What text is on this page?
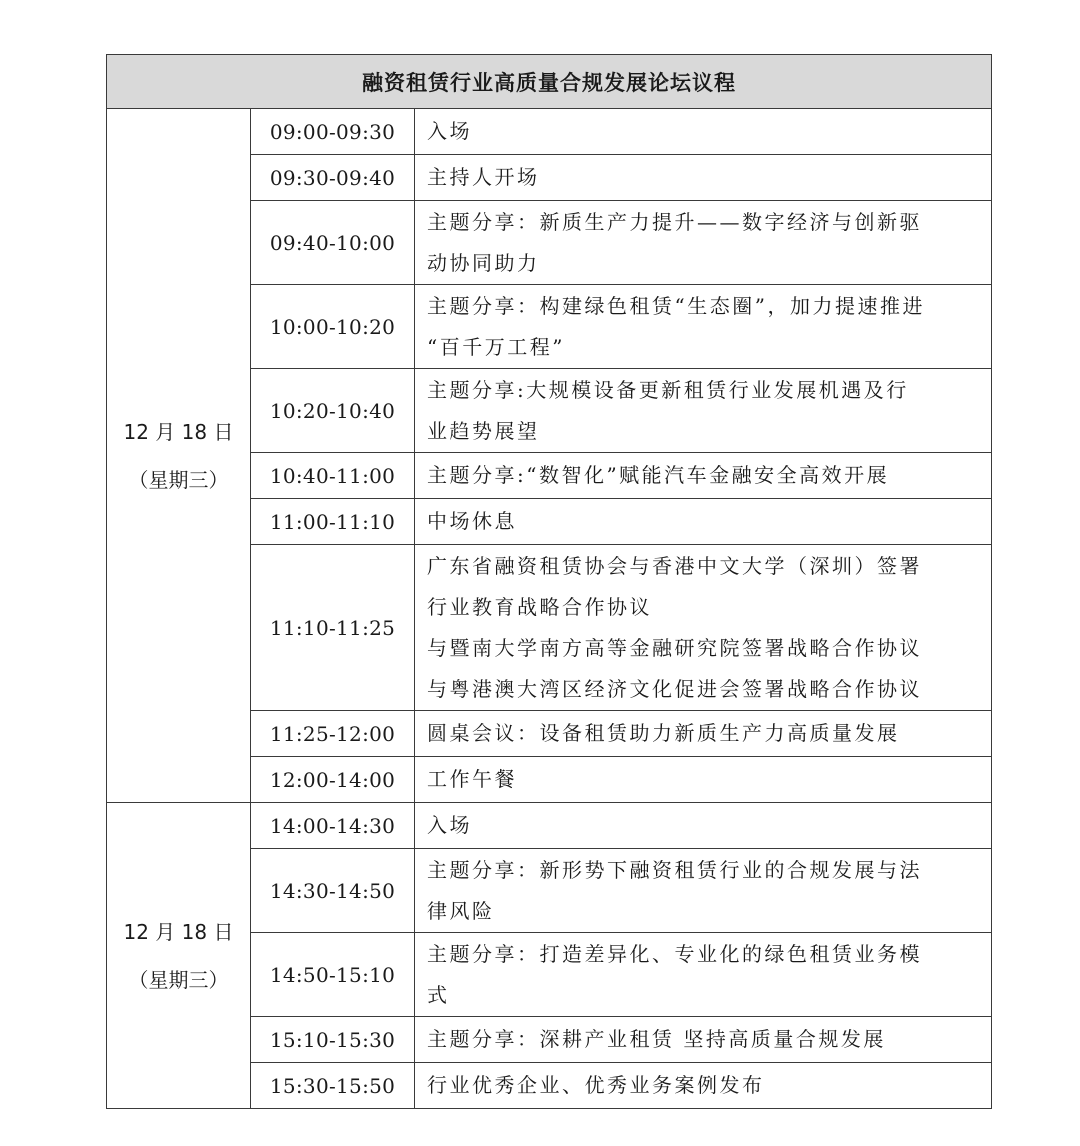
融资租赁行业高质量合规发展论坛议程		

12 月 18 日
（星期三）	09:00-09:30	入场

	09:30-09:40	主持人开场

	09:40-10:00	主题分享：新质生产力提升——数字经济与创新驱
动协同助力

	10:00-10:20	主题分享：构建绿色租赁“生态圈”，加力提速推进
“百千万工程”

	10:20-10:40	主题分享:大规模设备更新租赁行业发展机遇及行
业趋势展望

	10:40-11:00	主题分享:“数智化”赋能汽车金融安全高效开展

	11:00-11:10	中场休息

	11:10-11:25	广东省融资租赁协会与香港中文大学（深圳）签署
行业教育战略合作协议
与暨南大学南方高等金融研究院签署战略合作协议
与粤港澳大湾区经济文化促进会签署战略合作协议

	11:25-12:00	圆桌会议：设备租赁助力新质生产力高质量发展

	12:00-14:00	工作午餐

12 月 18 日
（星期三）	14:00-14:30	入场

	14:30-14:50	主题分享：新形势下融资租赁行业的合规发展与法
律风险

	14:50-15:10	主题分享：打造差异化、专业化的绿色租赁业务模
式

	15:10-15:30	主题分享：深耕产业租赁 坚持高质量合规发展

	15:30-15:50	行业优秀企业、优秀业务案例发布
